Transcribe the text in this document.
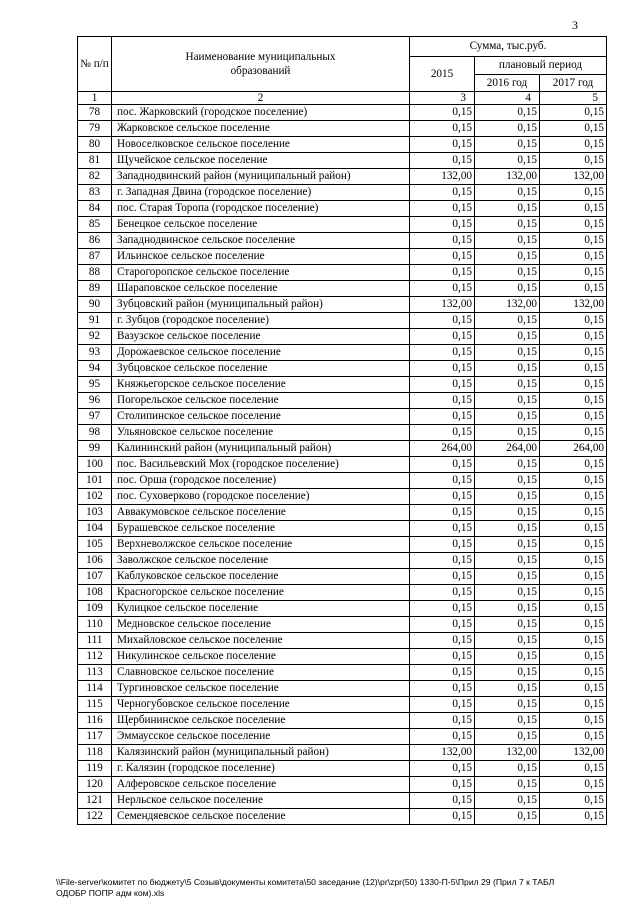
3
№ п/п	Наименование муниципальных образований	Сумма, тыс.руб.		
		2015	плановый период	
			2016 год	2017 год
1	2	3	4	5
78	пос. Жарковский (городское поселение)	0,15	0,15	0,15
79	Жарковское сельское поселение	0,15	0,15	0,15
80	Новоселковское сельское поселение	0,15	0,15	0,15
81	Щучейское сельское поселение	0,15	0,15	0,15
82	Западнодвинский район (муниципальный район)	132,00	132,00	132,00
83	г. Западная Двина (городское поселение)	0,15	0,15	0,15
84	пос. Старая Торопа (городское поселение)	0,15	0,15	0,15
85	Бенецкое сельское поселение	0,15	0,15	0,15
86	Западнодвинское сельское поселение	0,15	0,15	0,15
87	Ильинское сельское поселение	0,15	0,15	0,15
88	Старогоропское сельское поселение	0,15	0,15	0,15
89	Шараповское сельское поселение	0,15	0,15	0,15
90	Зубцовский район (муниципальный район)	132,00	132,00	132,00
91	г. Зубцов (городское поселение)	0,15	0,15	0,15
92	Вазузское сельское поселение	0,15	0,15	0,15
93	Дорожаевское сельское поселение	0,15	0,15	0,15
94	Зубцовское сельское поселение	0,15	0,15	0,15
95	Княжьегорское сельское поселение	0,15	0,15	0,15
96	Погорельское сельское поселение	0,15	0,15	0,15
97	Столипинское сельское поселение	0,15	0,15	0,15
98	Ульяновское сельское поселение	0,15	0,15	0,15
99	Калининский район (муниципальный район)	264,00	264,00	264,00
100	пос. Васильевский Мох (городское поселение)	0,15	0,15	0,15
101	пос. Орша (городское поселение)	0,15	0,15	0,15
102	пос. Суховерково (городское поселение)	0,15	0,15	0,15
103	Аввакумовское сельское поселение	0,15	0,15	0,15
104	Бурашевское сельское поселение	0,15	0,15	0,15
105	Верхневолжское сельское поселение	0,15	0,15	0,15
106	Заволжское сельское поселение	0,15	0,15	0,15
107	Каблуковское сельское поселение	0,15	0,15	0,15
108	Красногорское сельское поселение	0,15	0,15	0,15
109	Кулицкое сельское поселение	0,15	0,15	0,15
110	Медновское сельское поселение	0,15	0,15	0,15
111	Михайловское сельское поселение	0,15	0,15	0,15
112	Никулинское сельское поселение	0,15	0,15	0,15
113	Славновское сельское поселение	0,15	0,15	0,15
114	Тургиновское сельское поселение	0,15	0,15	0,15
115	Черногубовское сельское поселение	0,15	0,15	0,15
116	Щербининское сельское поселение	0,15	0,15	0,15
117	Эммаусское сельское поселение	0,15	0,15	0,15
118	Калязинский район (муниципальный район)	132,00	132,00	132,00
119	г. Калязин (городское поселение)	0,15	0,15	0,15
120	Алферовское сельское поселение	0,15	0,15	0,15
121	Нерльское сельское поселение	0,15	0,15	0,15
122	Семендяевское сельское поселение	0,15	0,15	0,15
\\File-server\комитет по бюджету\5 Созыв\документы комитета\50 заседание (12)\pr\zpr(50) 1330-П-5\Прил 29 (Прил 7 к ТАБЛ
ОДОБР ПОПР адм ком).xls
